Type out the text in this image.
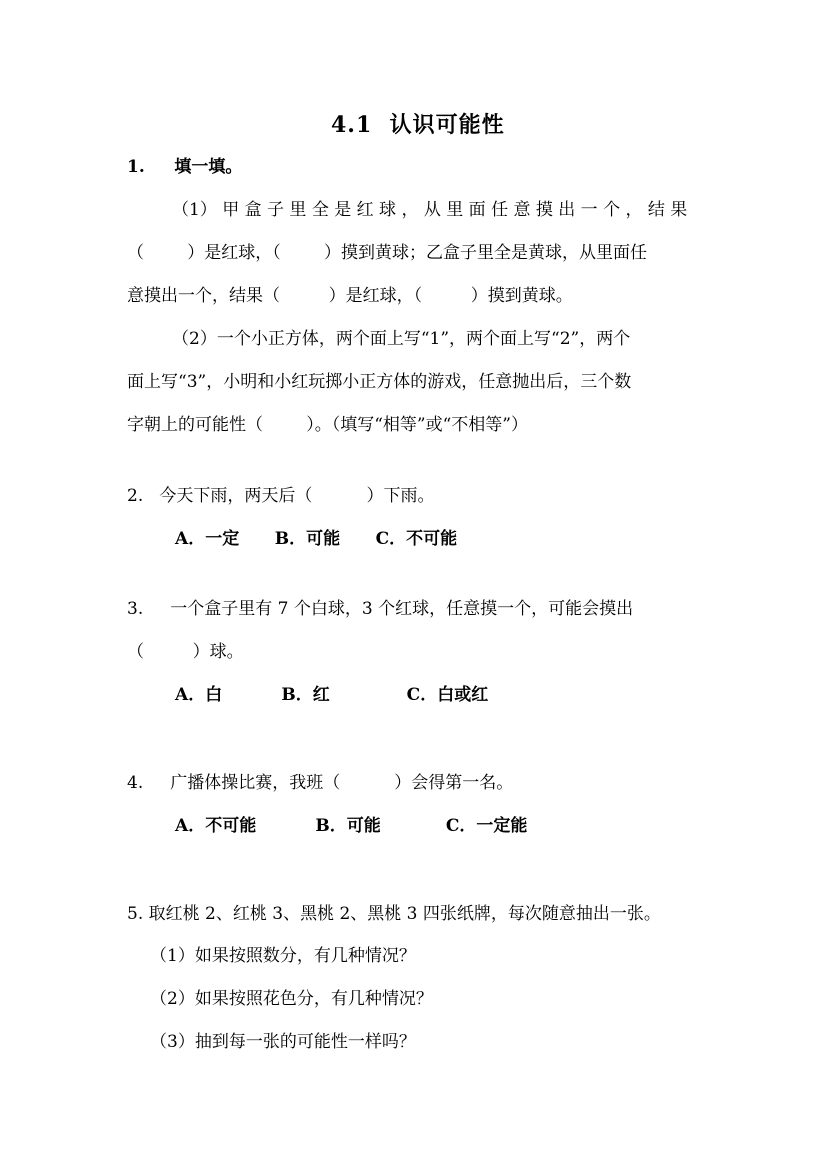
4.1  认识可能性
1.     填一填。
（1） 甲 盒 子 里 全 是 红 球 ， 从 里 面 任 意 摸 出 一 个 ， 结 果
（        ）是红球，（        ）摸到黄球；乙盒子里全是黄球，从里面任
意摸出一个，结果（         ）是红球，（         ）摸到黄球。
（2）一个小正方体，两个面上写“1”，两个面上写“2”，两个
面上写“3”，小明和小红玩掷小正方体的游戏，任意抛出后，三个数
字朝上的可能性（        ）。（填写“相等”或“不相等”）
2.   今天下雨，两天后（          ）下雨。
A．一定      B．可能      C．不可能
3.     一个盒子里有 7 个白球，3 个红球，任意摸一个，可能会摸出
（         ）球。
A．白          B．红             C．白或红
4.     广播体操比赛，我班（          ）会得第一名。
A．不可能          B．可能           C．一定能
5. 取红桃 2、红桃 3、黑桃 2、黑桃 3 四张纸牌，每次随意抽出一张。
（1）如果按照数分，有几种情况？
（2）如果按照花色分，有几种情况？
（3）抽到每一张的可能性一样吗？
